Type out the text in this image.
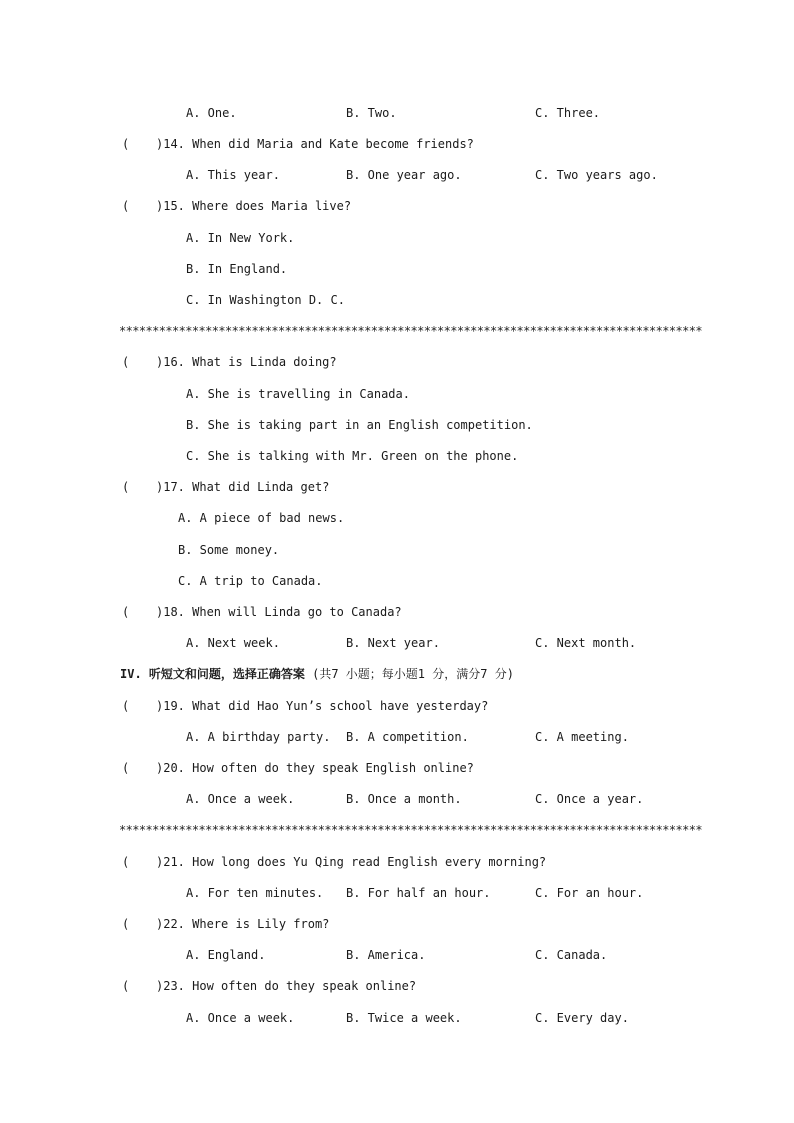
A. One.	B. Two.	C. Three.
( )14. When did Maria and Kate become friends?
A. This year.	B. One year ago.	C. Two years ago.
( )15. Where does Maria live?
A. In New York.
B. In England.
C. In Washington D. C.
****************************************************************************************
( )16. What is Linda doing?
A. She is travelling in Canada.
B. She is taking part in an English competition.
C. She is talking with Mr. Green on the phone.
( )17. What did Linda get?
A. A piece of bad news.
B. Some money.
C. A trip to Canada.
( )18. When will Linda go to Canada?
A. Next week.	B. Next year.	C. Next month.
IV. 听短文和问题，选择正确答案 (共7 小题；每小题1 分，满分7 分)
( )19. What did Hao Yun’s school have yesterday?
A. A birthday party. B. A competition.	C. A meeting.
( )20. How often do they speak English online?
A. Once a week.	B. Once a month.	C. Once a year.
****************************************************************************************
( )21. How long does Yu Qing read English every morning?
A. For ten minutes. B. For half an hour.	C. For an hour.
( )22. Where is Lily from?
A. England.	B. America.	C. Canada.
( )23. How often do they speak online?
A. Once a week.	B. Twice a week.	C. Every day.
